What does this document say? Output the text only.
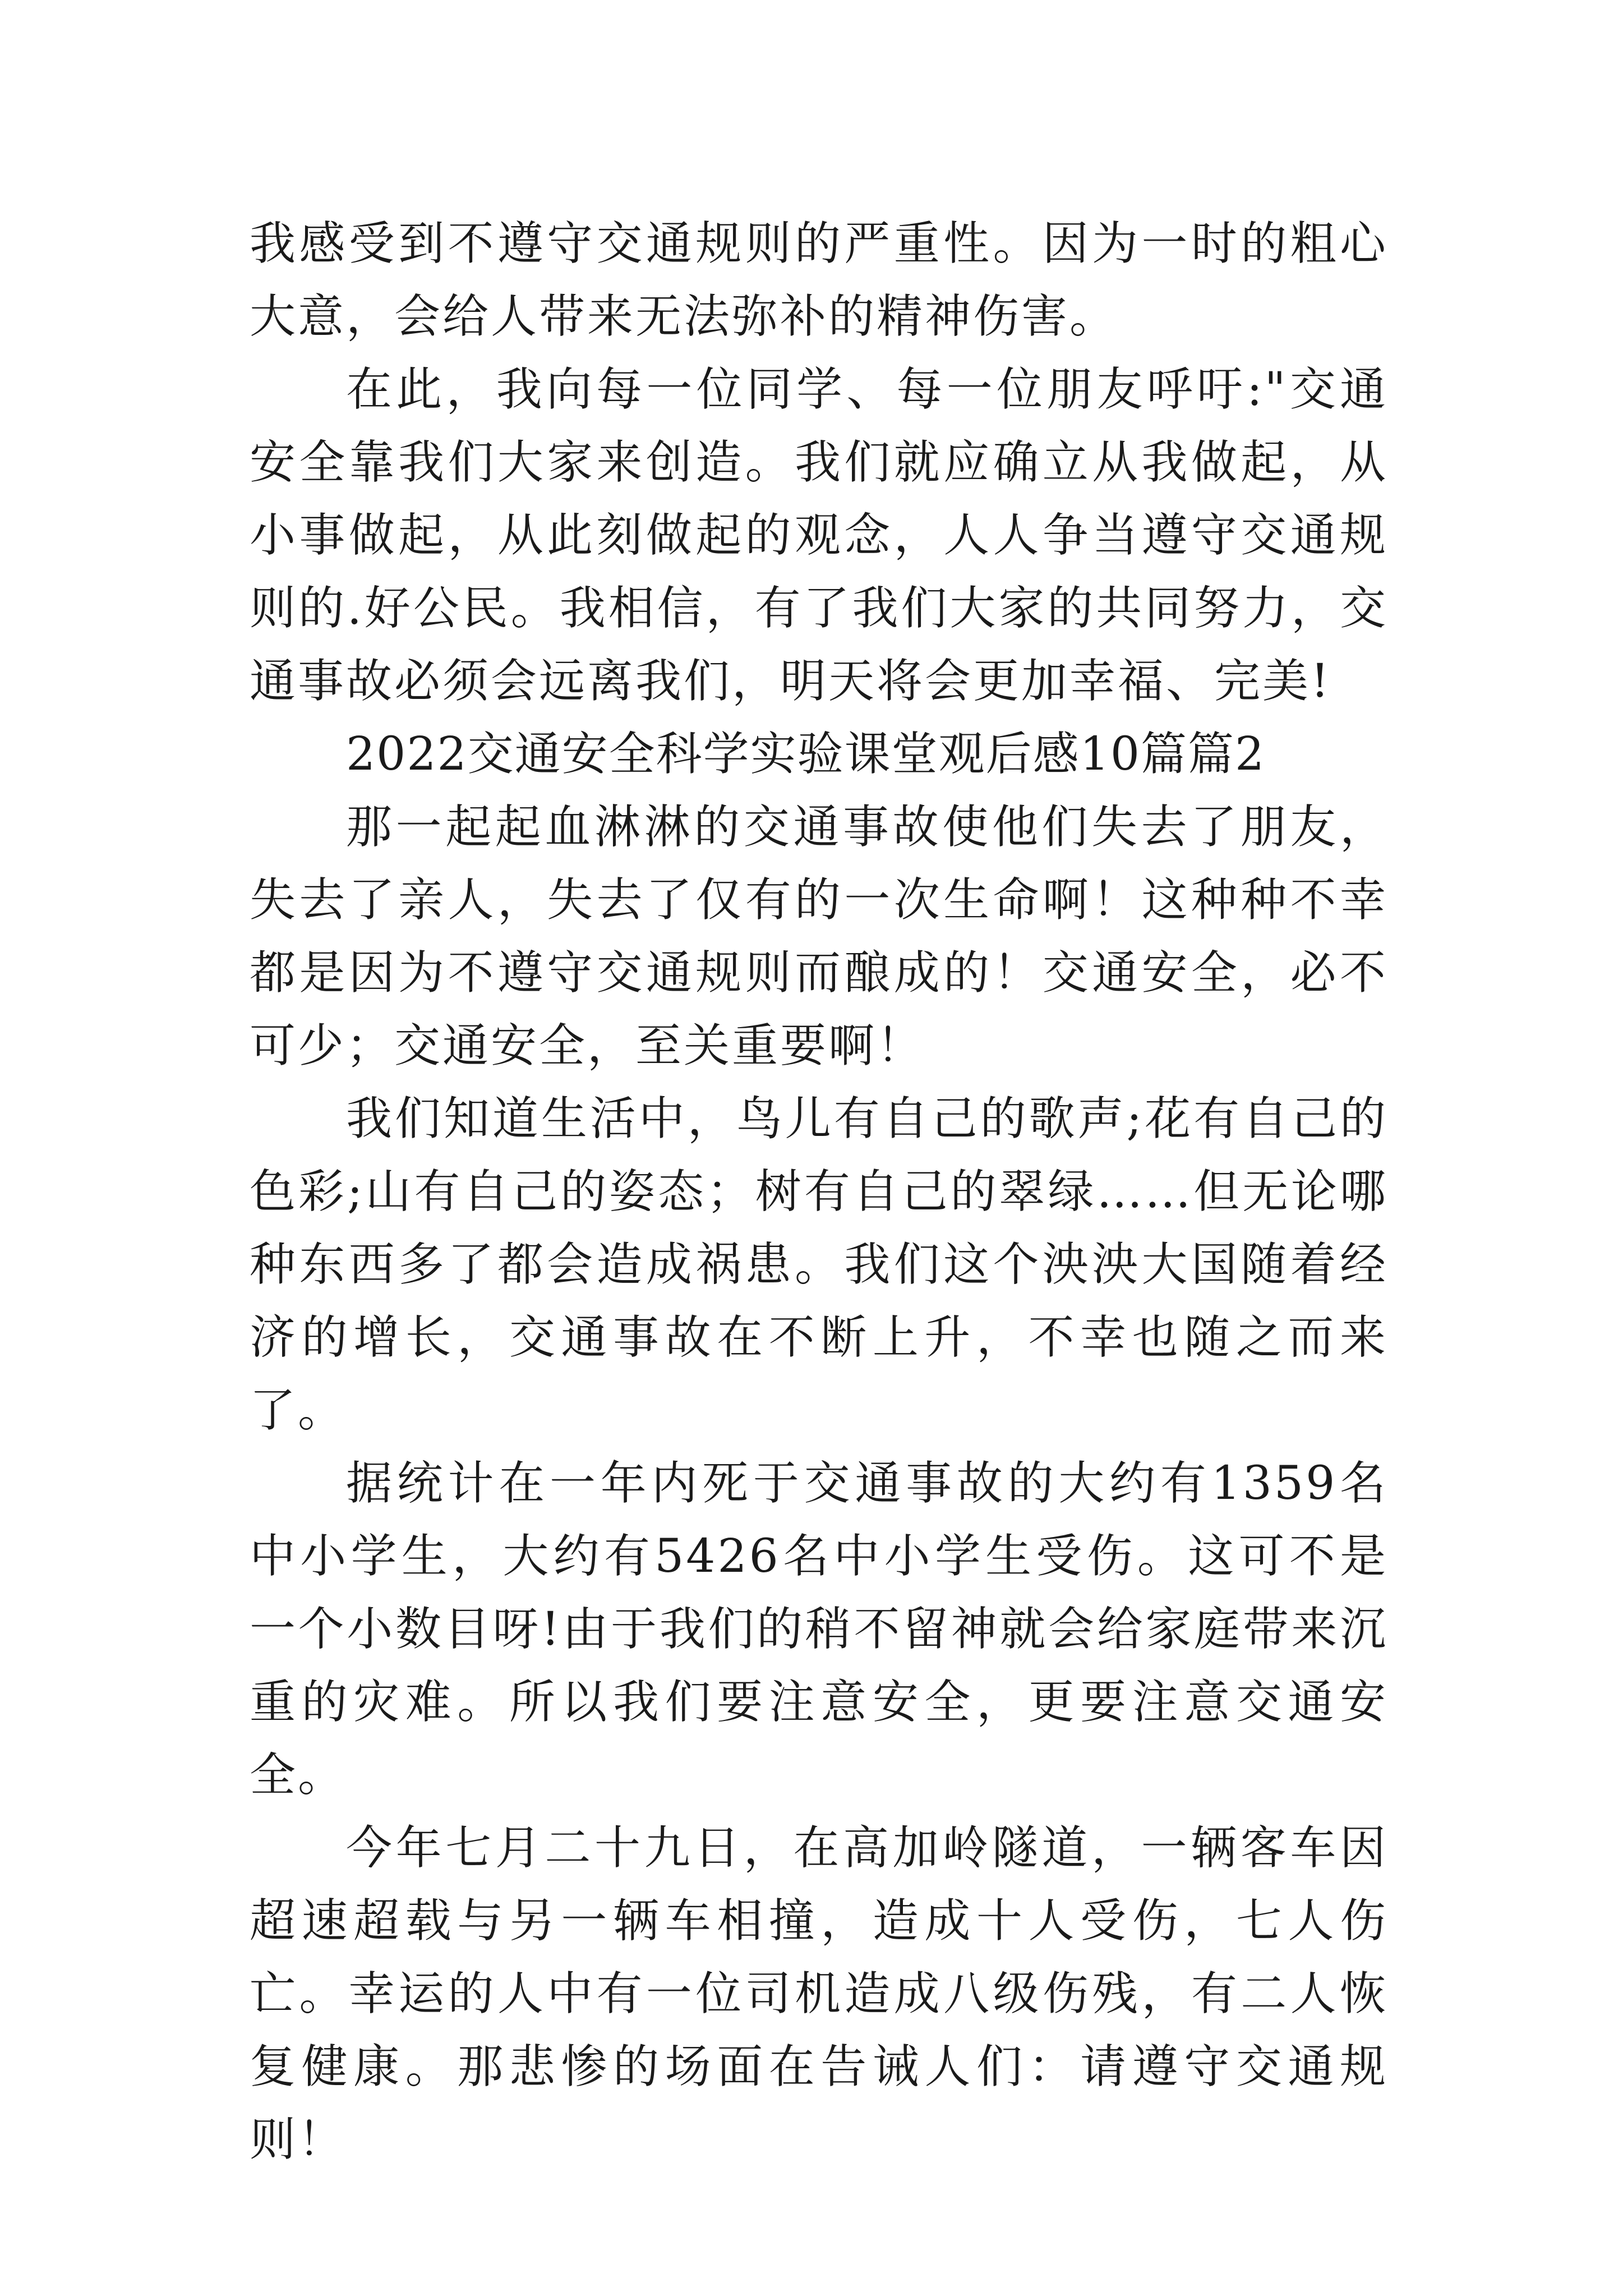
我感受到不遵守交通规则的严重性。因为一时的粗心大意，会给人带来无法弥补的精神伤害。

在此，我向每一位同学、每一位朋友呼吁:"交通安全靠我们大家来创造。我们就应确立从我做起，从小事做起，从此刻做起的观念，人人争当遵守交通规则的.好公民。我相信，有了我们大家的共同努力，交通事故必须会远离我们，明天将会更加幸福、完美!

2022交通安全科学实验课堂观后感10篇篇2

那一起起血淋淋的交通事故使他们失去了朋友，失去了亲人，失去了仅有的一次生命啊！这种种不幸都是因为不遵守交通规则而酿成的！交通安全，必不可少；交通安全，至关重要啊！

我们知道生活中，鸟儿有自己的歌声;花有自己的色彩;山有自己的姿态；树有自己的翠绿……但无论哪种东西多了都会造成祸患。我们这个泱泱大国随着经济的增长，交通事故在不断上升，不幸也随之而来了。

据统计在一年内死于交通事故的大约有1359名中小学生，大约有5426名中小学生受伤。这可不是一个小数目呀!由于我们的稍不留神就会给家庭带来沉重的灾难。所以我们要注意安全，更要注意交通安全。

今年七月二十九日，在高加岭隧道，一辆客车因超速超载与另一辆车相撞，造成十人受伤，七人伤亡。幸运的人中有一位司机造成八级伤残，有二人恢复健康。那悲惨的场面在告诫人们：请遵守交通规则！
